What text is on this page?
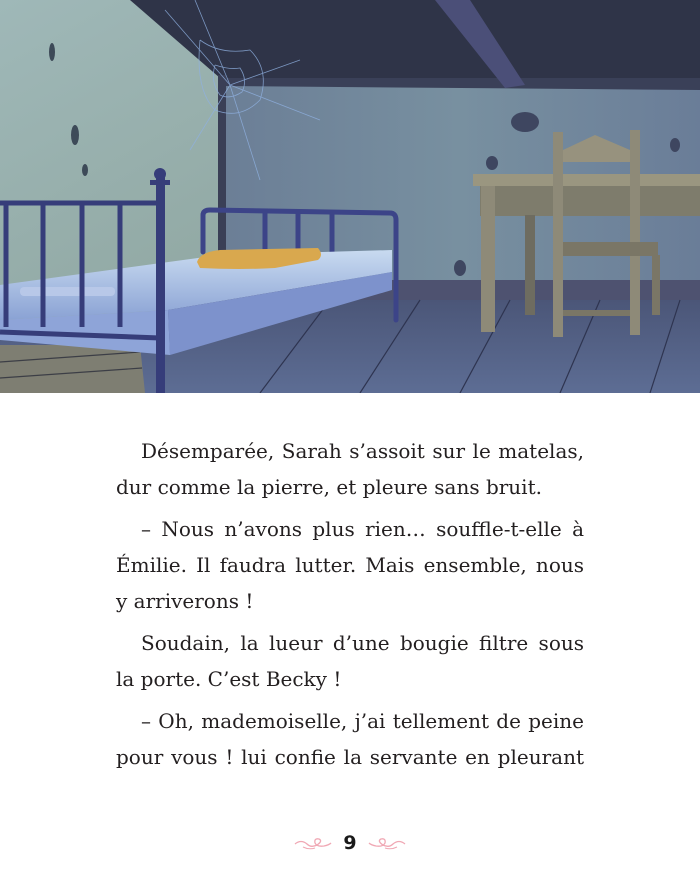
Désemparée, Sarah s’assoit sur le matelas, dur comme la pierre, et pleure sans bruit.

– Nous n’avons plus rien… souffle-t-elle à Émilie. Il faudra lutter. Mais ensemble, nous y arriverons !

Soudain, la lueur d’une bougie filtre sous la porte. C’est Becky !

– Oh, mademoiselle, j’ai tellement de peine pour vous ! lui confie la servante en pleurant

9
